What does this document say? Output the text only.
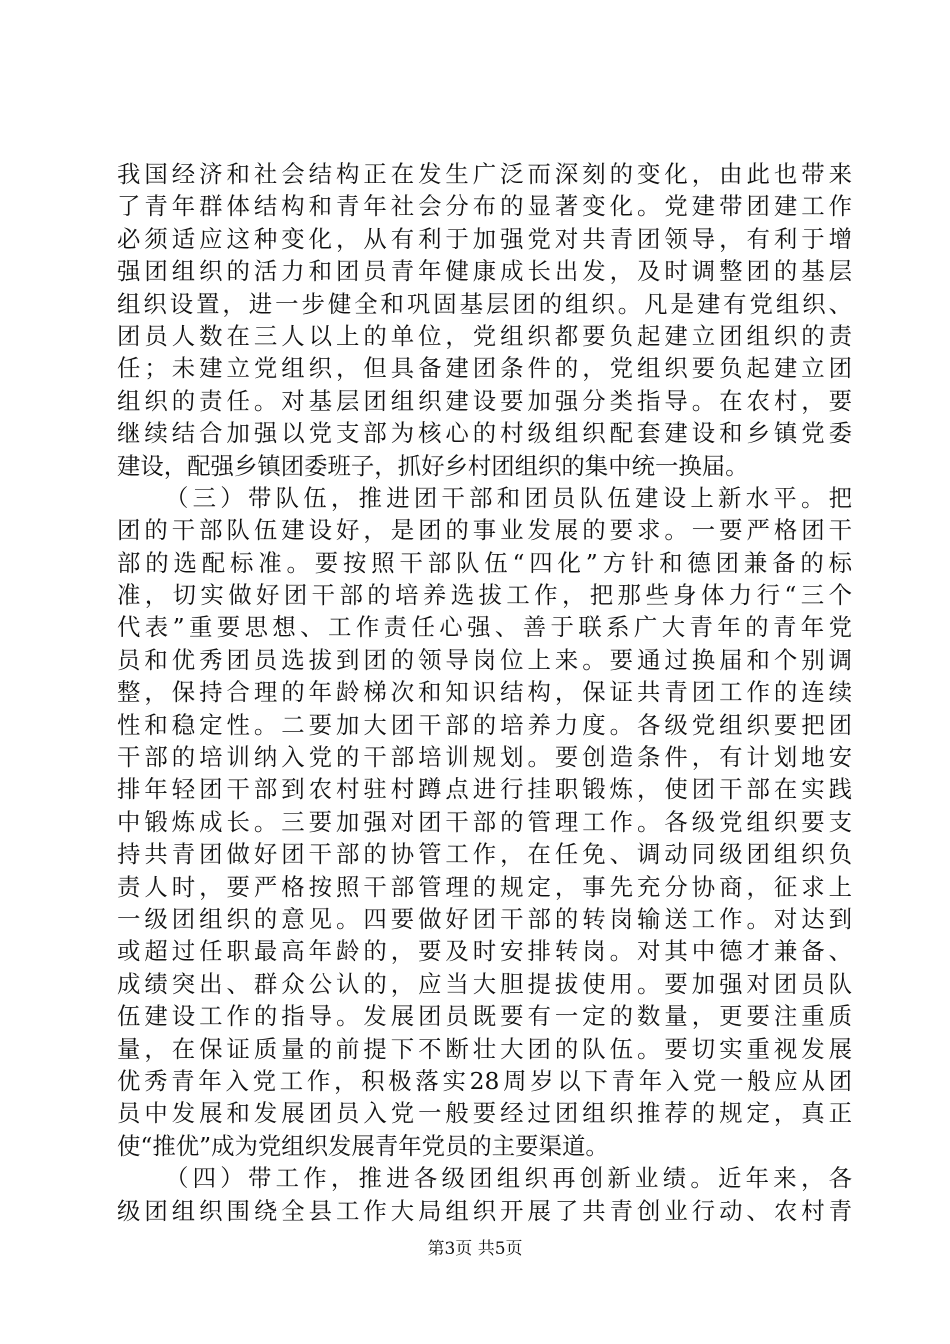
我国经济和社会结构正在发生广泛而深刻的变化，由此也带来
了青年群体结构和青年社会分布的显著变化。党建带团建工作
必须适应这种变化，从有利于加强党对共青团领导，有利于增
强团组织的活力和团员青年健康成长出发，及时调整团的基层
组织设置，进一步健全和巩固基层团的组织。凡是建有党组织、
团员人数在三人以上的单位，党组织都要负起建立团组织的责
任；未建立党组织，但具备建团条件的，党组织要负起建立团
组织的责任。对基层团组织建设要加强分类指导。在农村，要
继续结合加强以党支部为核心的村级组织配套建设和乡镇党委
建设，配强乡镇团委班子，抓好乡村团组织的集中统一换届。
（三）带队伍，推进团干部和团员队伍建设上新水平。把
团的干部队伍建设好，是团的事业发展的要求。一要严格团干
部的选配标准。要按照干部队伍“四化”方针和德团兼备的标
准，切实做好团干部的培养选拔工作，把那些身体力行“三个
代表”重要思想、工作责任心强、善于联系广大青年的青年党
员和优秀团员选拔到团的领导岗位上来。要通过换届和个别调
整，保持合理的年龄梯次和知识结构，保证共青团工作的连续
性和稳定性。二要加大团干部的培养力度。各级党组织要把团
干部的培训纳入党的干部培训规划。要创造条件，有计划地安
排年轻团干部到农村驻村蹲点进行挂职锻炼，使团干部在实践
中锻炼成长。三要加强对团干部的管理工作。各级党组织要支
持共青团做好团干部的协管工作，在任免、调动同级团组织负
责人时，要严格按照干部管理的规定，事先充分协商，征求上
一级团组织的意见。四要做好团干部的转岗输送工作。对达到
或超过任职最高年龄的，要及时安排转岗。对其中德才兼备、
成绩突出、群众公认的，应当大胆提拔使用。要加强对团员队
伍建设工作的指导。发展团员既要有一定的数量，更要注重质
量，在保证质量的前提下不断壮大团的队伍。要切实重视发展
优秀青年入党工作，积极落实28周岁以下青年入党一般应从团
员中发展和发展团员入党一般要经过团组织推荐的规定，真正
使“推优”成为党组织发展青年党员的主要渠道。
（四）带工作，推进各级团组织再创新业绩。近年来，各
级团组织围绕全县工作大局组织开展了共青创业行动、农村青
第3页 共5页
